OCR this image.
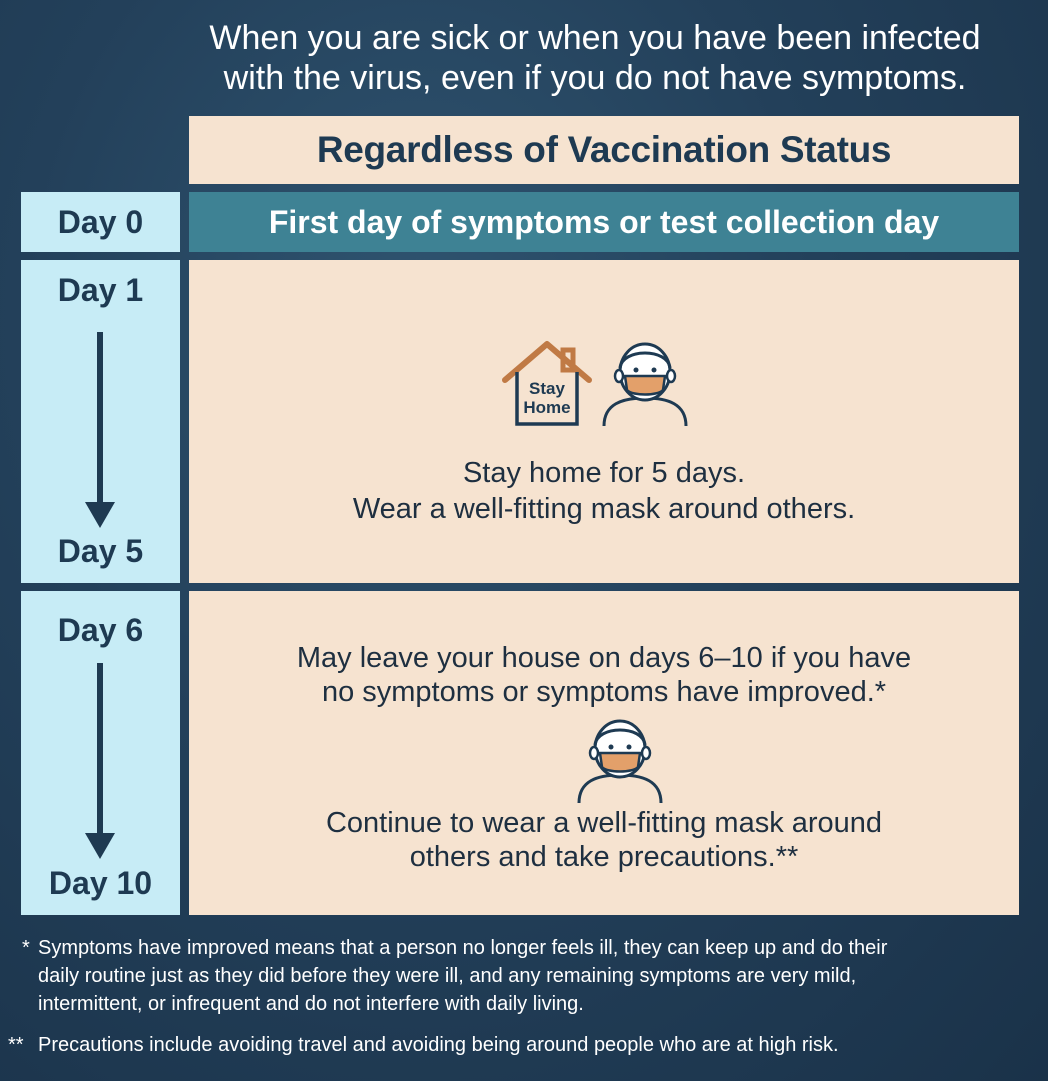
When you are sick or when you have been infected
with the virus, even if you do not have symptoms.
Regardless of Vaccination Status
Day 0	First day of symptoms or test collection day
Day 1
Day 5
Stay
Home
Stay home for 5 days.
Wear a well-fitting mask around others.
Day 6
Day 10
May leave your house on days 6–10 if you have
no symptoms or symptoms have improved.*
Continue to wear a well-fitting mask around
others and take precautions.**
* Symptoms have improved means that a person no longer feels ill, they can keep up and do their
daily routine just as they did before they were ill, and any remaining symptoms are very mild,
intermittent, or infrequent and do not interfere with daily living.
** Precautions include avoiding travel and avoiding being around people who are at high risk.
